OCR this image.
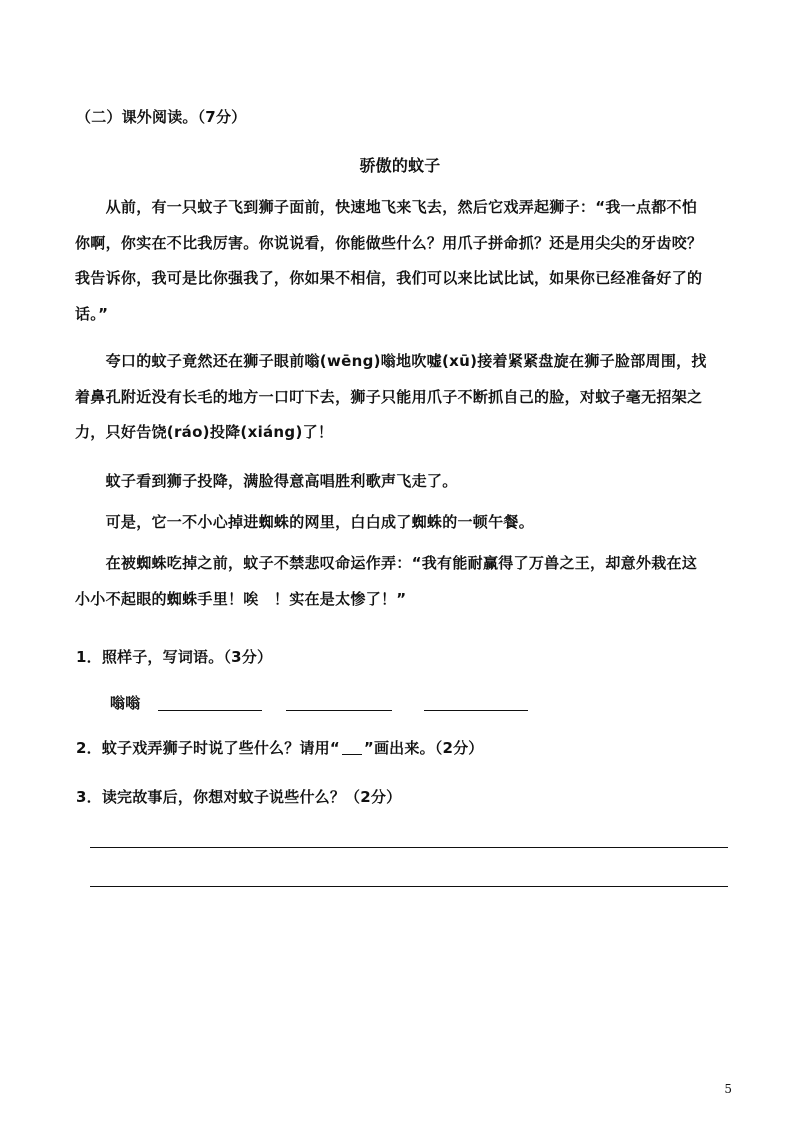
（二）课外阅读。（7分）
骄傲的蚊子
　　从前，有一只蚊子飞到狮子面前，快速地飞来飞去，然后它戏弄起狮子：“我一点都不怕
你啊，你实在不比我厉害。你说说看，你能做些什么？用爪子拼命抓？还是用尖尖的牙齿咬？
我告诉你，我可是比你强我了，你如果不相信，我们可以来比试比试，如果你已经准备好了的
话。”
　　夸口的蚊子竟然还在狮子眼前嗡(wēng)嗡地吹嘘(xū)接着紧紧盘旋在狮子脸部周围，找
着鼻孔附近没有长毛的地方一口叮下去，狮子只能用爪子不断抓自己的脸，对蚊子毫无招架之
力，只好告饶(ráo)投降(xiáng)了！
　　蚊子看到狮子投降，满脸得意高唱胜利歌声飞走了。
　　可是，它一不小心掉进蜘蛛的网里，白白成了蜘蛛的一顿午餐。
　　在被蜘蛛吃掉之前，蚊子不禁悲叹命运作弄：“我有能耐赢得了万兽之王，却意外栽在这
小小不起眼的蜘蛛手里！唉　！实在是太惨了！”
1．照样子，写词语。（3分）
嗡嗡
2．蚊子戏弄狮子时说了些什么？请用“ ”画出来。（2分）
3．读完故事后，你想对蚊子说些什么？（2分）
5
